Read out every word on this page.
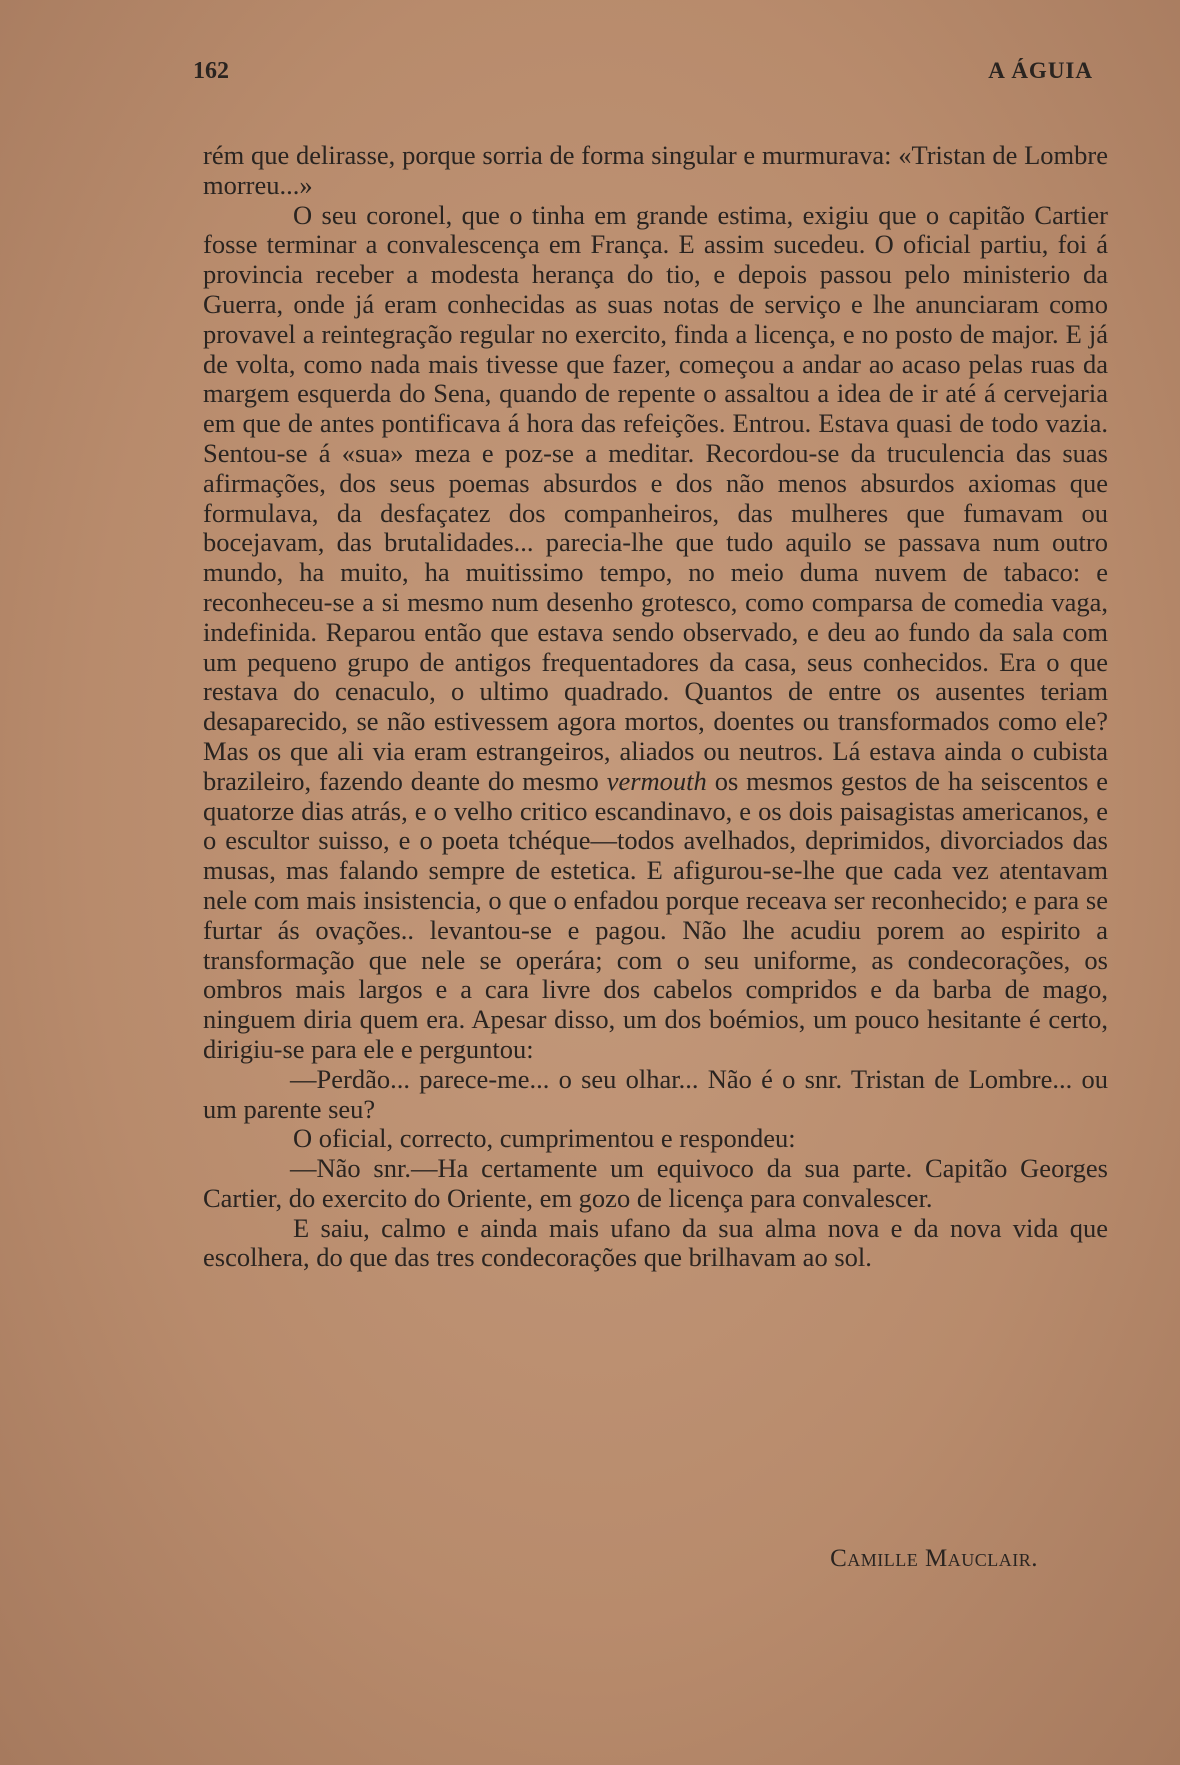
162	A ÁGUIA

rém que delirasse, porque sorria de forma singular e murmurava: «Tristan de Lombre morreu...»

O seu coronel, que o tinha em grande estima, exigiu que o capitão Cartier fosse terminar a convalescença em França. E assim sucedeu. O oficial partiu, foi á provincia receber a modesta herança do tio, e depois passou pelo ministerio da Guerra, onde já eram conhecidas as suas notas de serviço e lhe anunciaram como provavel a reintegração regular no exercito, finda a licença, e no posto de major. E já de volta, como nada mais tivesse que fazer, começou a andar ao acaso pelas ruas da margem esquerda do Sena, quando de repente o assaltou a idea de ir até á cervejaria em que de antes pontificava á hora das refeições. Entrou. Estava quasi de todo vazia. Sentou-se á «sua» meza e poz-se a meditar. Recordou-se da truculencia das suas afirmações, dos seus poemas absurdos e dos não menos absurdos axiomas que formulava, da desfaçatez dos companheiros, das mulheres que fumavam ou bocejavam, das brutalidades... parecia-lhe que tudo aquilo se passava num outro mundo, ha muito, ha muitissimo tempo, no meio duma nuvem de tabaco: e reconheceu-se a si mesmo num desenho grotesco, como comparsa de comedia vaga, indefinida. Reparou então que estava sendo observado, e deu ao fundo da sala com um pequeno grupo de antigos frequentadores da casa, seus conhecidos. Era o que restava do cenaculo, o ultimo quadrado. Quantos de entre os ausentes teriam desaparecido, se não estivessem agora mortos, doentes ou transformados como ele? Mas os que ali via eram estrangeiros, aliados ou neutros. Lá estava ainda o cubista brazileiro, fazendo deante do mesmo vermouth os mesmos gestos de ha seiscentos e quatorze dias atrás, e o velho critico escandinavo, e os dois paisagistas americanos, e o escultor suisso, e o poeta tchéque—todos avelhados, deprimidos, divorciados das musas, mas falando sempre de estetica. E afigurou-se-lhe que cada vez atentavam nele com mais insistencia, o que o enfadou porque receava ser reconhecido; e para se furtar ás ovações.. levantou-se e pagou. Não lhe acudiu porem ao espirito a transformação que nele se operára; com o seu uniforme, as condecorações, os ombros mais largos e a cara livre dos cabelos compridos e da barba de mago, ninguem diria quem era. Apesar disso, um dos boémios, um pouco hesitante é certo, dirigiu-se para ele e perguntou:

—Perdão... parece-me... o seu olhar... Não é o snr. Tristan de Lombre... ou um parente seu?

O oficial, correcto, cumprimentou e respondeu:

—Não snr.—Ha certamente um equivoco da sua parte. Capitão Georges Cartier, do exercito do Oriente, em gozo de licença para convalescer.

E saiu, calmo e ainda mais ufano da sua alma nova e da nova vida que escolhera, do que das tres condecorações que brilhavam ao sol.

Camille Mauclair.
